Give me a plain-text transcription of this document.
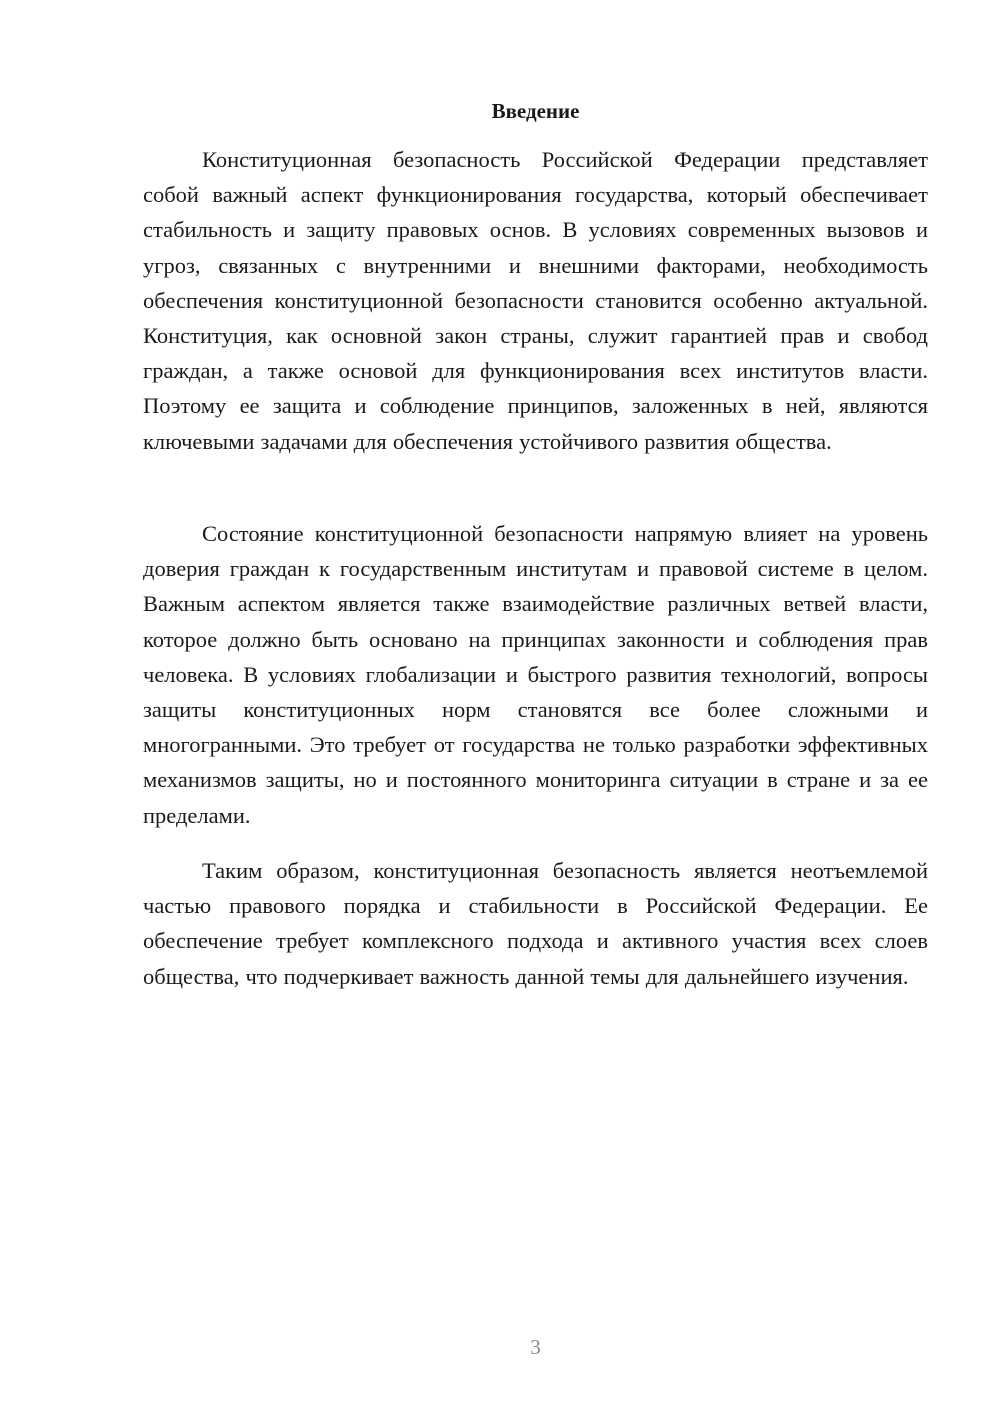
Введение

Конституционная безопасность Российской Федерации представляет собой важный аспект функционирования государства, который обеспечивает стабильность и защиту правовых основ. В условиях современных вызовов и угроз, связанных с внутренними и внешними факторами, необходимость обеспечения конституционной безопасности становится особенно актуальной. Конституция, как основной закон страны, служит гарантией прав и свобод граждан, а также основой для функционирования всех институтов власти. Поэтому ее защита и соблюдение принципов, заложенных в ней, являются ключевыми задачами для обеспечения устойчивого развития общества.

Состояние конституционной безопасности напрямую влияет на уровень доверия граждан к государственным институтам и правовой системе в целом. Важным аспектом является также взаимодействие различных ветвей власти, которое должно быть основано на принципах законности и соблюдения прав человека. В условиях глобализации и быстрого развития технологий, вопросы защиты конституционных норм становятся все более сложными и многогранными. Это требует от государства не только разработки эффективных механизмов защиты, но и постоянного мониторинга ситуации в стране и за ее пределами.

Таким образом, конституционная безопасность является неотъемлемой частью правового порядка и стабильности в Российской Федерации. Ее обеспечение требует комплексного подхода и активного участия всех слоев общества, что подчеркивает важность данной темы для дальнейшего изучения.

3
